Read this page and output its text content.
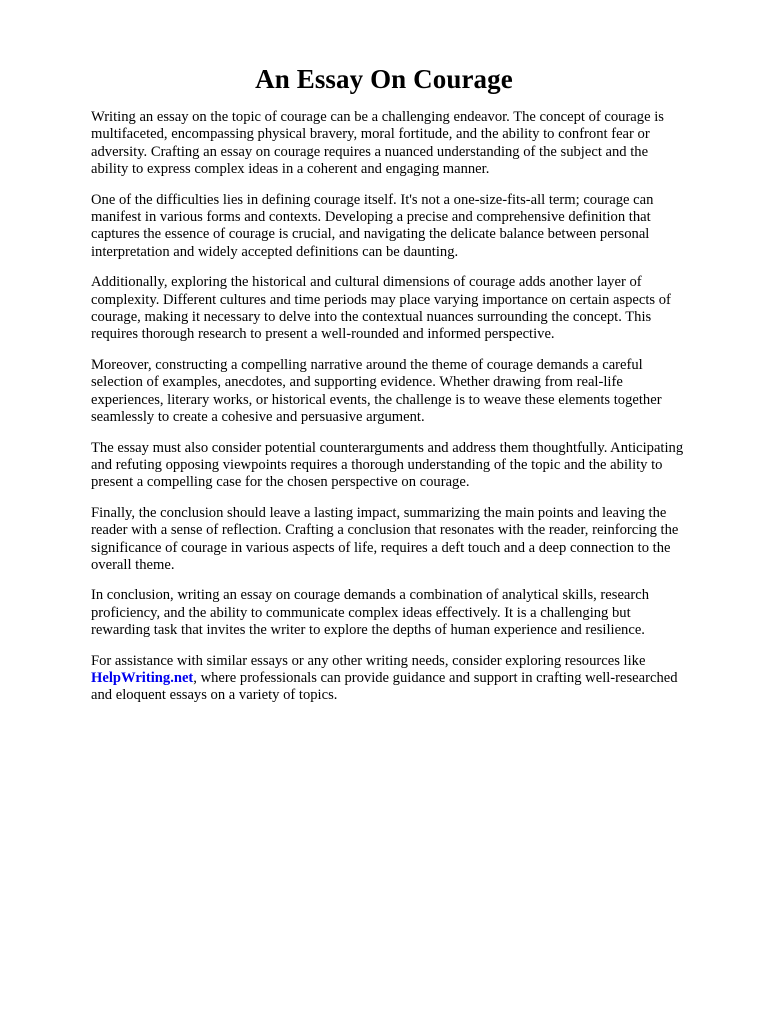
An Essay On Courage

Writing an essay on the topic of courage can be a challenging endeavor. The concept of courage is
multifaceted, encompassing physical bravery, moral fortitude, and the ability to confront fear or
adversity. Crafting an essay on courage requires a nuanced understanding of the subject and the
ability to express complex ideas in a coherent and engaging manner.

One of the difficulties lies in defining courage itself. It's not a one-size-fits-all term; courage can
manifest in various forms and contexts. Developing a precise and comprehensive definition that
captures the essence of courage is crucial, and navigating the delicate balance between personal
interpretation and widely accepted definitions can be daunting.

Additionally, exploring the historical and cultural dimensions of courage adds another layer of
complexity. Different cultures and time periods may place varying importance on certain aspects of
courage, making it necessary to delve into the contextual nuances surrounding the concept. This
requires thorough research to present a well-rounded and informed perspective.

Moreover, constructing a compelling narrative around the theme of courage demands a careful
selection of examples, anecdotes, and supporting evidence. Whether drawing from real-life
experiences, literary works, or historical events, the challenge is to weave these elements together
seamlessly to create a cohesive and persuasive argument.

The essay must also consider potential counterarguments and address them thoughtfully. Anticipating
and refuting opposing viewpoints requires a thorough understanding of the topic and the ability to
present a compelling case for the chosen perspective on courage.

Finally, the conclusion should leave a lasting impact, summarizing the main points and leaving the
reader with a sense of reflection. Crafting a conclusion that resonates with the reader, reinforcing the
significance of courage in various aspects of life, requires a deft touch and a deep connection to the
overall theme.

In conclusion, writing an essay on courage demands a combination of analytical skills, research
proficiency, and the ability to communicate complex ideas effectively. It is a challenging but
rewarding task that invites the writer to explore the depths of human experience and resilience.

For assistance with similar essays or any other writing needs, consider exploring resources like
HelpWriting.net, where professionals can provide guidance and support in crafting well-researched
and eloquent essays on a variety of topics.
